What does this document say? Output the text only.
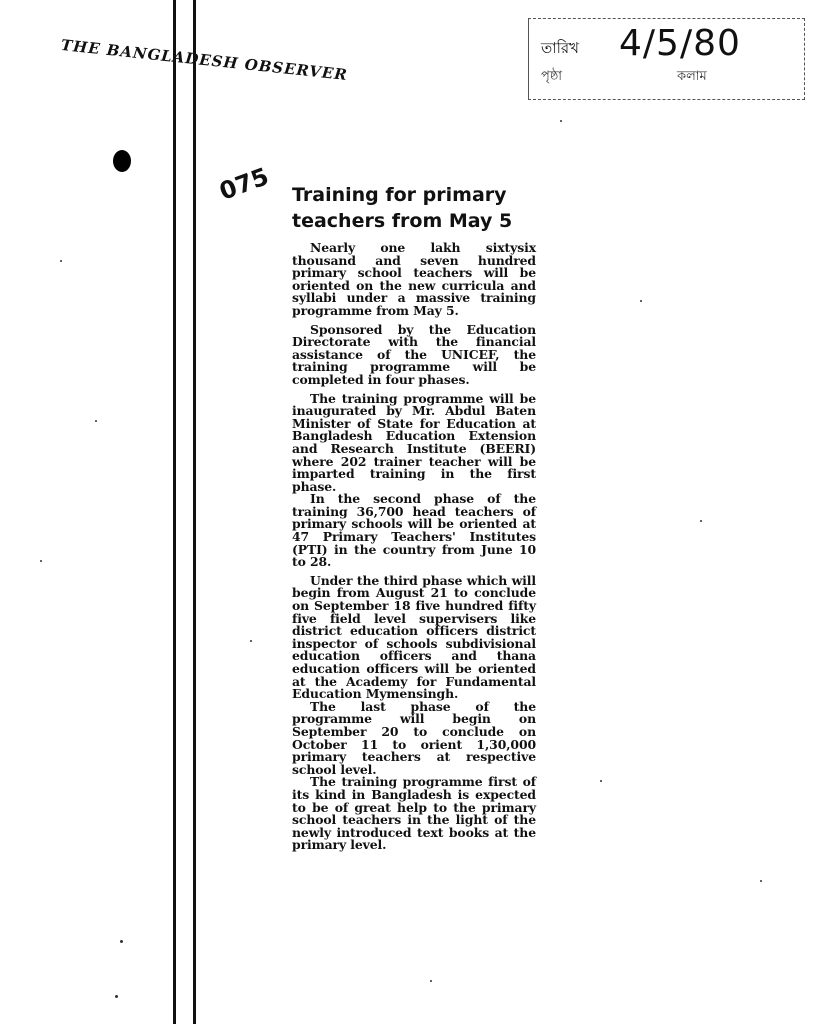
THE BANGLADESH OBSERVER	তারিখ 4/5/80
পৃষ্ঠা	কলাম
075 Training for primary teachers from May 5

Nearly one lakh sixtysix thousand and seven hundred primary school teachers will be oriented on the new curricula and syllabi under a massive training programme from May 5.

Sponsored by the Education Directorate with the financial assistance of the UNICEF, the training programme will be completed in four phases.

The training programme will be inaugurated by Mr. Abdul Baten Minister of State for Education at Bangladesh Education Extension and Research Institute (BEERI) where 202 trainer teacher will be imparted training in the first phase.

In the second phase of the training 36,700 head teachers of primary schools will be oriented at 47 Primary Teachers' Institutes (PTI) in the country from June 10 to 28.

Under the third phase which will begin from August 21 to conclude on September 18 five hundred fifty five field level supervisers like district education officers district inspector of schools subdivisional education officers and thana education officers will be oriented at the Academy for Fundamental Education Mymensingh.

The last phase of the programme will begin on September 20 to conclude on October 11 to orient 1,30,000 primary teachers at respective school level.

The training programme first of its kind in Bangladesh is expected to be of great help to the primary school teachers in the light of the newly introduced text books at the primary level.
